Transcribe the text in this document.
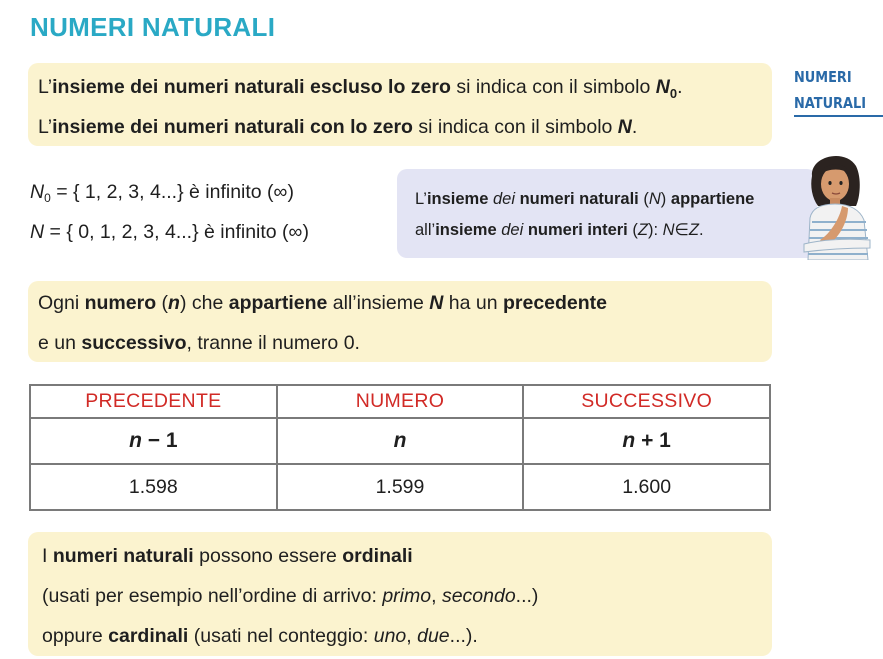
NUMERI NATURALI
NUMERI
NATURALI
L’insieme dei numeri naturali escluso lo zero si indica con il simbolo $N_0$.
L’insieme dei numeri naturali con lo zero si indica con il simbolo N.
$N_0$ = { 1, 2, 3, 4...} è infinito (∞)
N = { 0, 1, 2, 3, 4...} è infinito (∞)
L’insieme dei numeri naturali (N) appartiene
all’insieme dei numeri interi (Z): N∈Z.
Ogni numero (n) che appartiene all’insieme N ha un precedente
e un successivo, tranne il numero 0.
PRECEDENTE	NUMERO	SUCCESSIVO
n − 1	n	n + 1
1.598	1.599	1.600
I numeri naturali possono essere ordinali
(usati per esempio nell’ordine di arrivo: primo, secondo...)
oppure cardinali (usati nel conteggio: uno, due...).
